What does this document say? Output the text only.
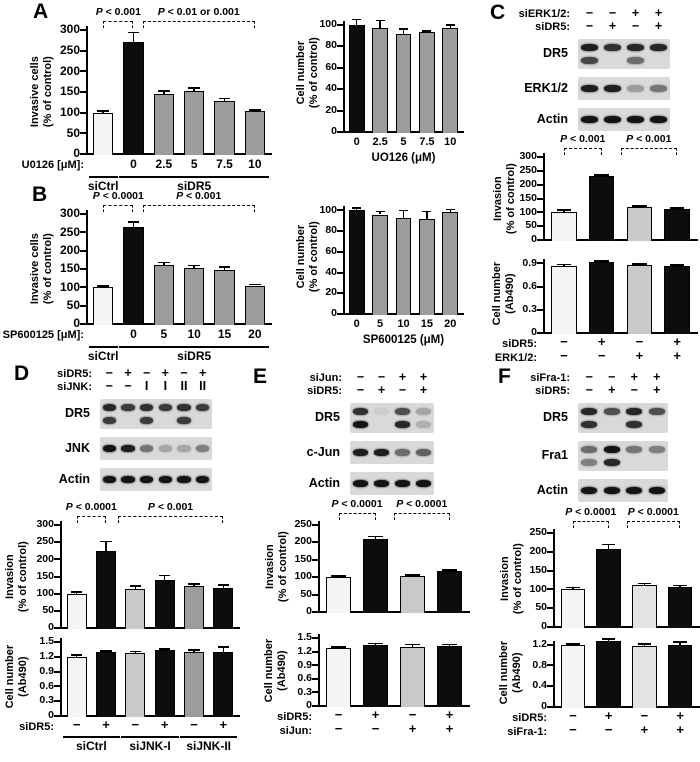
A
B
C
D	E	F
0
50
100
150
200
250
300
Invasive cells
(% of control)
P < 0.001	P < 0.01 or 0.001
0	2.5	5	7.5	10
U0126 [μM]:
siCtrl	siDR5
0
20
40
60
80
100
Cell number
(% of control)
0	2.5	5	7.5 10
UO126 (μM)
0
50
100
150
200
250
300
Invasive cells
(% of control)
P < 0.0001	P < 0.001
0	5	10	15	20
SP600125 [μM]:
siCtrl	siDR5
0
20
40
60
80
100
Cell number
(% of control)
0	5	10	15	20
SP600125 (μM)
siERK1/2:	−	−	+	+
siDR5:	−	+	−	+
DR5
ERK1/2
Actin
0
50
100
150
200
250
300
Invasion
(% of control)
P < 0.001	P < 0.001
0
0.3
0.6
0.9
Cell number
(Ab490)
siDR5:	−	+	−	+
ERK1/2:	−	−	+	+
siDR5:	− + − + − +
siJNK:	− −	I	I	II II
DR5
JNK
Actin
0
50
100
150
200
250
300
Invasion
(% of control)
P < 0.0001	P < 0.001
0
0.3
0.6
0.9
1.2
1.5
Cell number
(Ab490)
siDR5:	−	+	−	+	−	+
siCtrl	siJNK-I	siJNK-II
siJun:	−	−	+	+
siDR5:	−	+	−	+
DR5
c-Jun
Actin
0
50
100
150
200
250
Invasion
(% of control)
P < 0.0001	P < 0.0001
0
0.3
0.6
0.9
1.2
1.5
Cell number
(Ab490)
siDR5:	−	+	−	+
siJun:	−	−	+	+
siFra-1:	−	−	+	+
siDR5:	−	+	−	+
DR5
Fra1
Actin
0
50
100
150
200
250
Invasion
(% of control)
P < 0.0001	P < 0.0001
0
0.4
0.8
1.2
Cell number
(Ab490)
siDR5:	−	+	−	+
siFra-1:	−	−	+	+
